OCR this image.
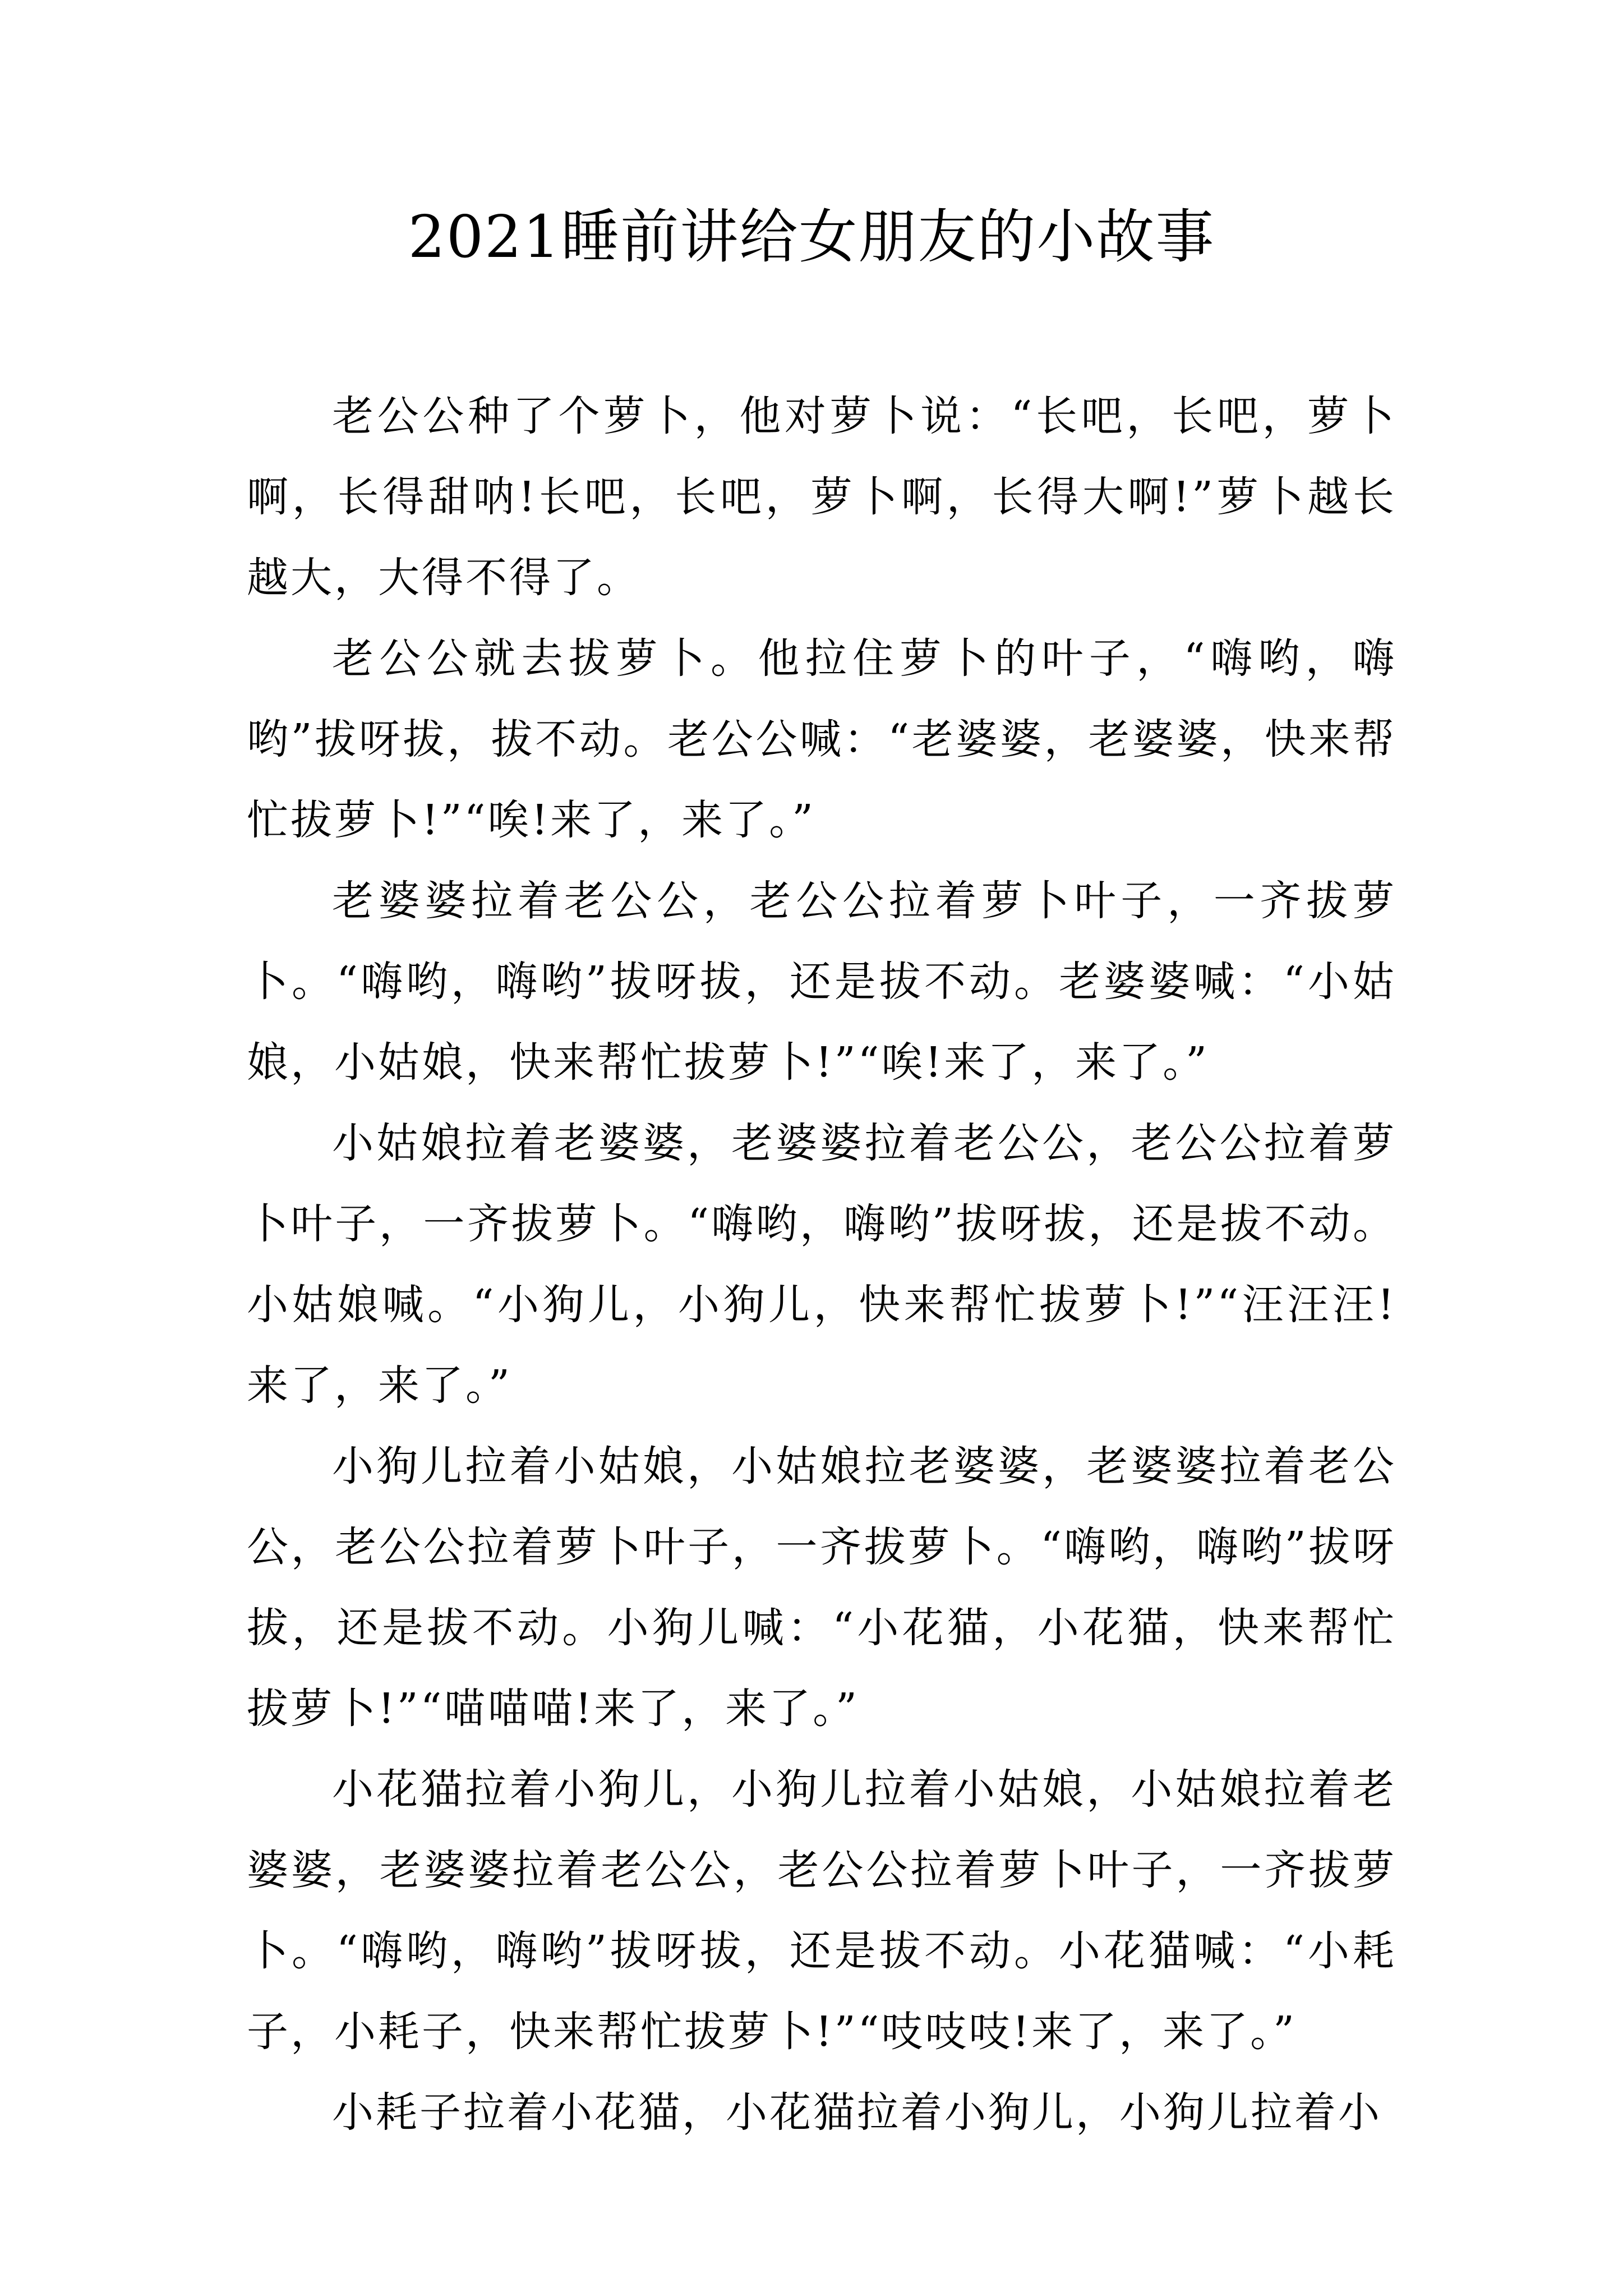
2021睡前讲给女朋友的小故事

老公公种了个萝卜，他对萝卜说：“长吧，长吧，萝卜啊，长得甜呐!长吧，长吧，萝卜啊，长得大啊!”萝卜越长越大，大得不得了。

老公公就去拔萝卜。他拉住萝卜的叶子，“嗨哟，嗨哟”拔呀拔，拔不动。老公公喊：“老婆婆，老婆婆，快来帮忙拔萝卜!”“唉!来了，来了。”

老婆婆拉着老公公，老公公拉着萝卜叶子，一齐拔萝卜。“嗨哟，嗨哟”拔呀拔，还是拔不动。老婆婆喊：“小姑娘，小姑娘，快来帮忙拔萝卜!”“唉!来了，来了。”

小姑娘拉着老婆婆，老婆婆拉着老公公，老公公拉着萝卜叶子，一齐拔萝卜。“嗨哟，嗨哟”拔呀拔，还是拔不动。小姑娘喊。“小狗儿，小狗儿，快来帮忙拔萝卜!”“汪汪汪!来了，来了。”

小狗儿拉着小姑娘，小姑娘拉老婆婆，老婆婆拉着老公公，老公公拉着萝卜叶子，一齐拔萝卜。“嗨哟，嗨哟”拔呀拔，还是拔不动。小狗儿喊：“小花猫，小花猫，快来帮忙拔萝卜!”“喵喵喵!来了，来了。”

小花猫拉着小狗儿，小狗儿拉着小姑娘，小姑娘拉着老婆婆，老婆婆拉着老公公，老公公拉着萝卜叶子，一齐拔萝卜。“嗨哟，嗨哟”拔呀拔，还是拔不动。小花猫喊：“小耗子，小耗子，快来帮忙拔萝卜!”“吱吱吱!来了，来了。”

小耗子拉着小花猫，小花猫拉着小狗儿，小狗儿拉着小
